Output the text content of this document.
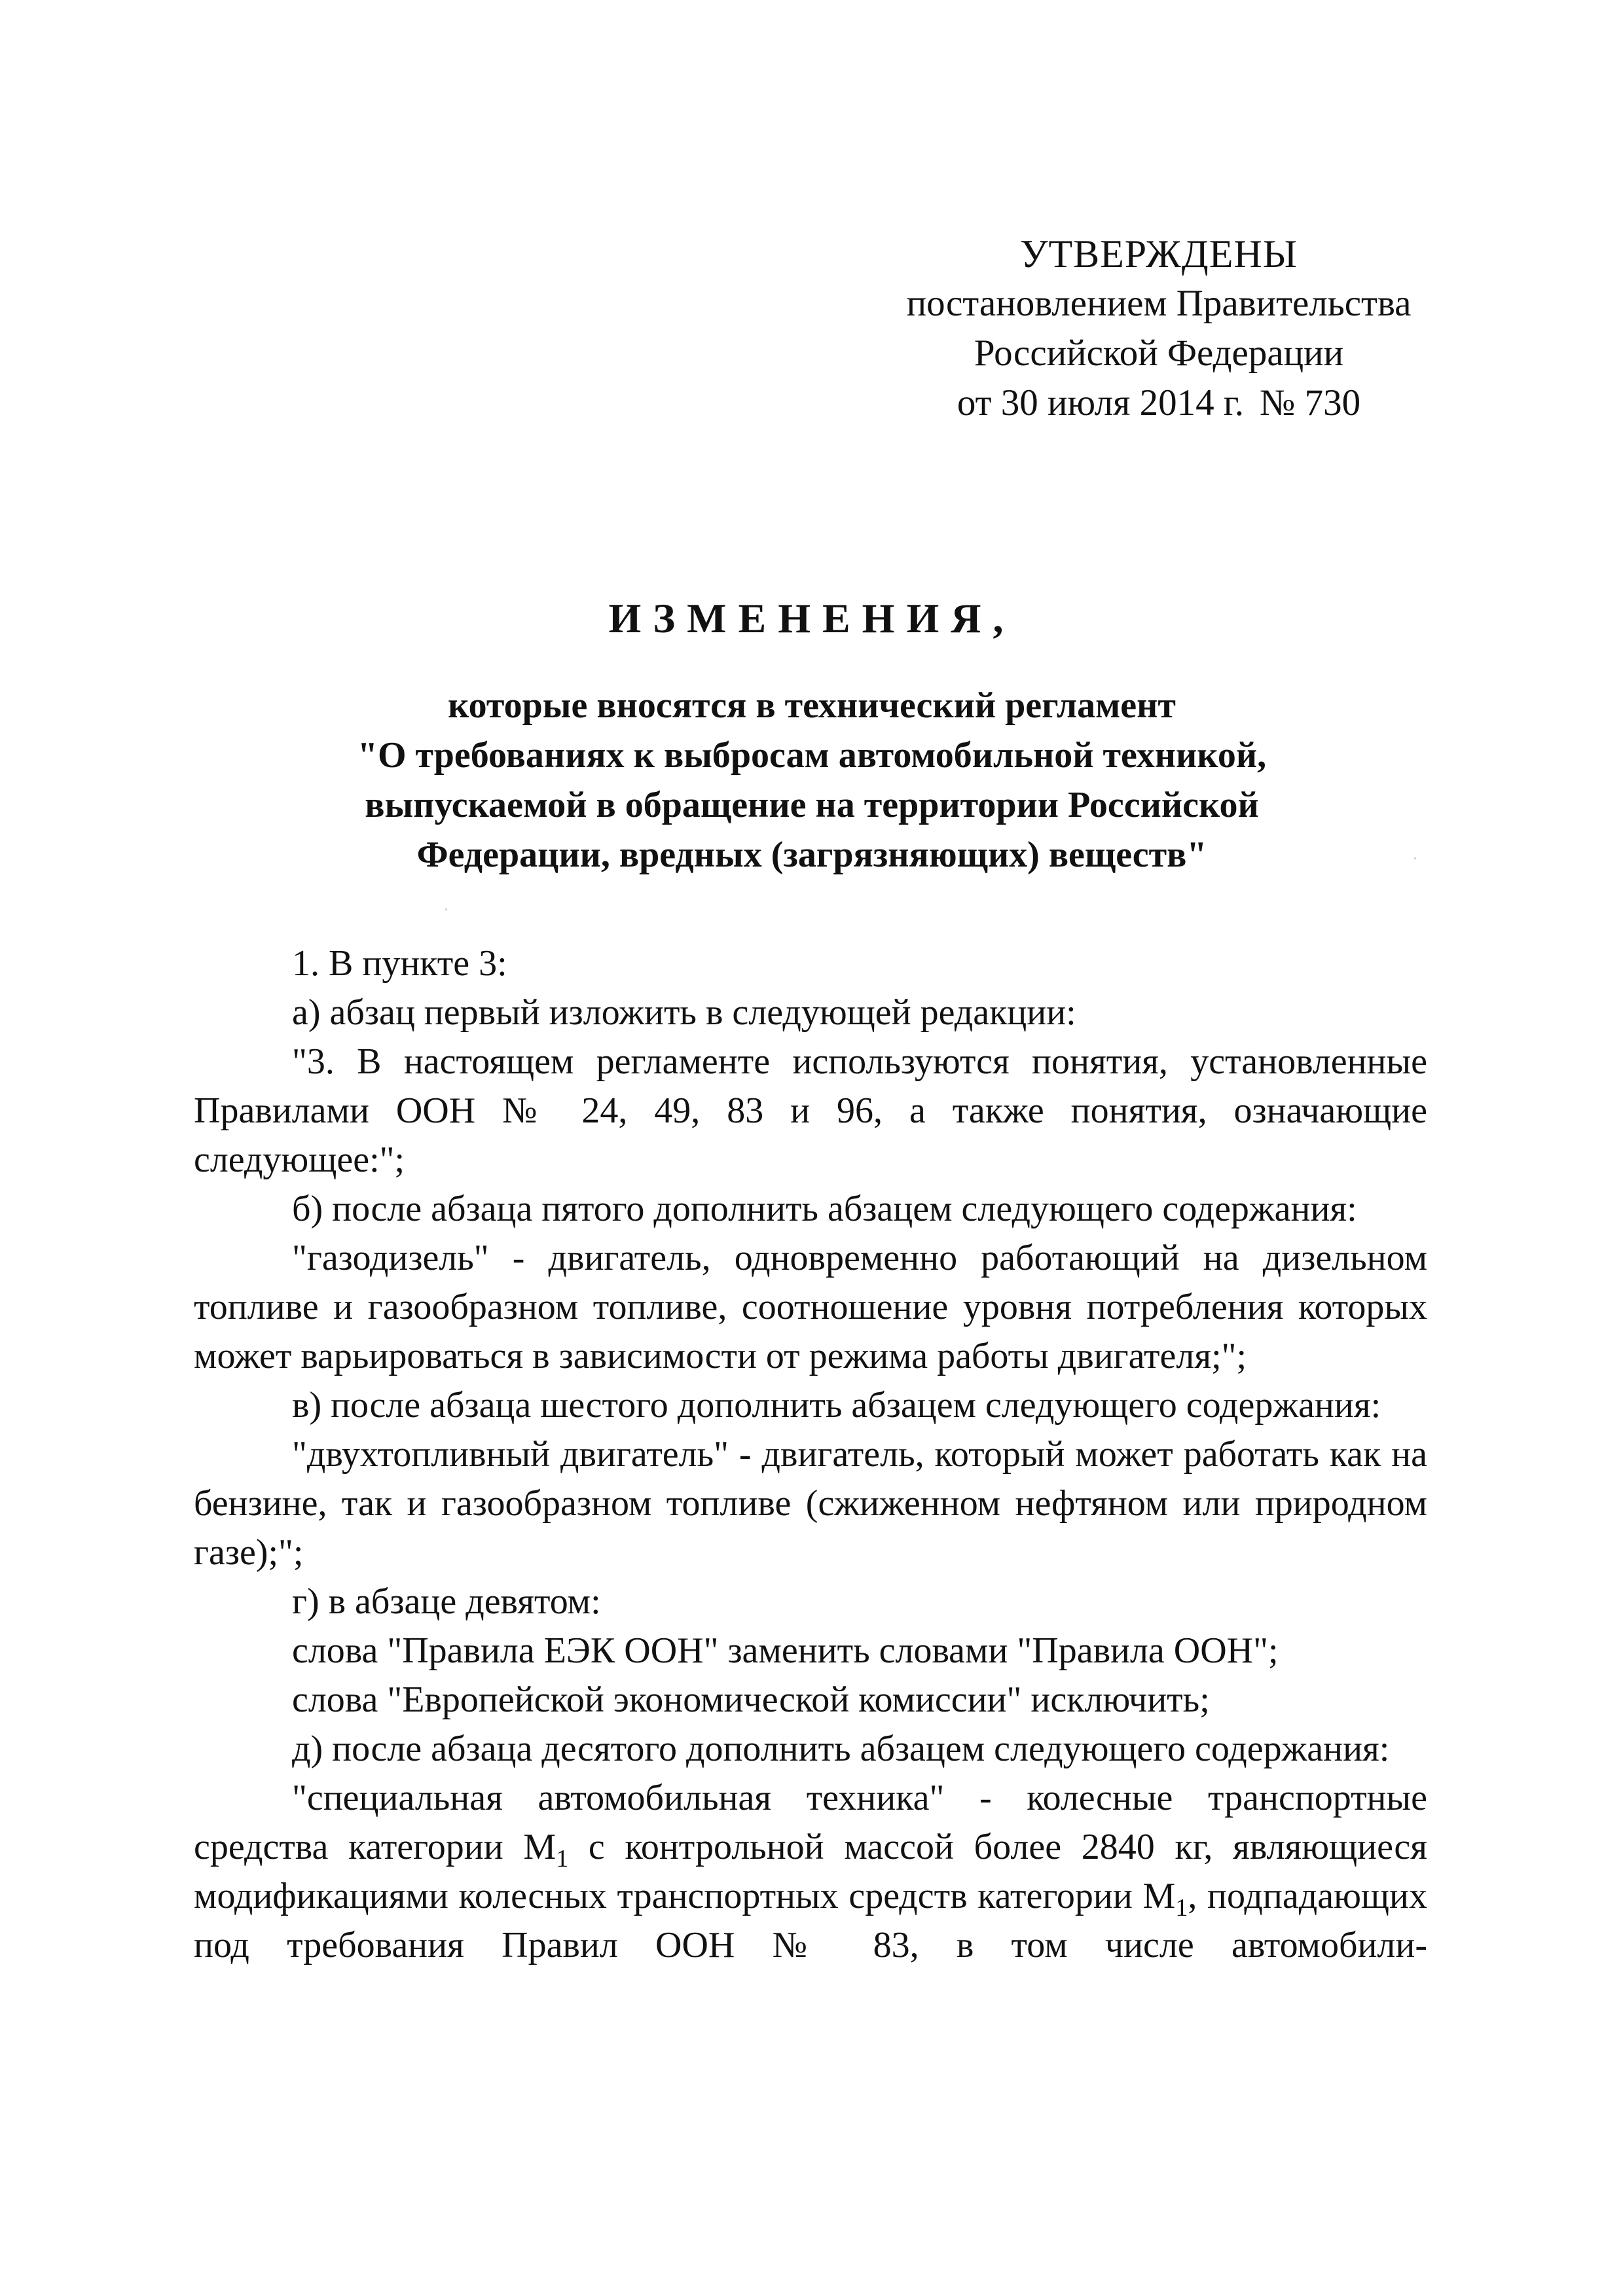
УТВЕРЖДЕНЫ
постановлением Правительства
Российской Федерации
от 30 июля 2014 г. № 730
ИЗМЕНЕНИЯ,
которые вносятся в технический регламент
"О требованиях к выбросам автомобильной техникой,
выпускаемой в обращение на территории Российской
Федерации, вредных (загрязняющих) веществ"

1. В пункте 3:

а) абзац первый изложить в следующей редакции:

"3. В настоящем регламенте используются понятия, установленные Правилами ООН № 24, 49, 83 и 96, а также понятия, означающие следующее:";

б) после абзаца пятого дополнить абзацем следующего содержания:

"газодизель" - двигатель, одновременно работающий на дизельном топливе и газообразном топливе, соотношение уровня потребления которых может варьироваться в зависимости от режима работы двигателя;";

в) после абзаца шестого дополнить абзацем следующего содержания:

"двухтопливный двигатель" - двигатель, который может работать как на бензине, так и газообразном топливе (сжиженном нефтяном или природном газе);";

г) в абзаце девятом:

слова "Правила ЕЭК ООН" заменить словами "Правила ООН";

слова "Европейской экономической комиссии" исключить;

д) после абзаца десятого дополнить абзацем следующего содержания:

"специальная автомобильная техника" - колесные транспортные средства категории $М_1$ с контрольной массой более 2840 кг, являющиеся модификациями колесных транспортных средств категории $М_1$, подпадающих под требования Правил ООН № 83, в том числе автомобили-
